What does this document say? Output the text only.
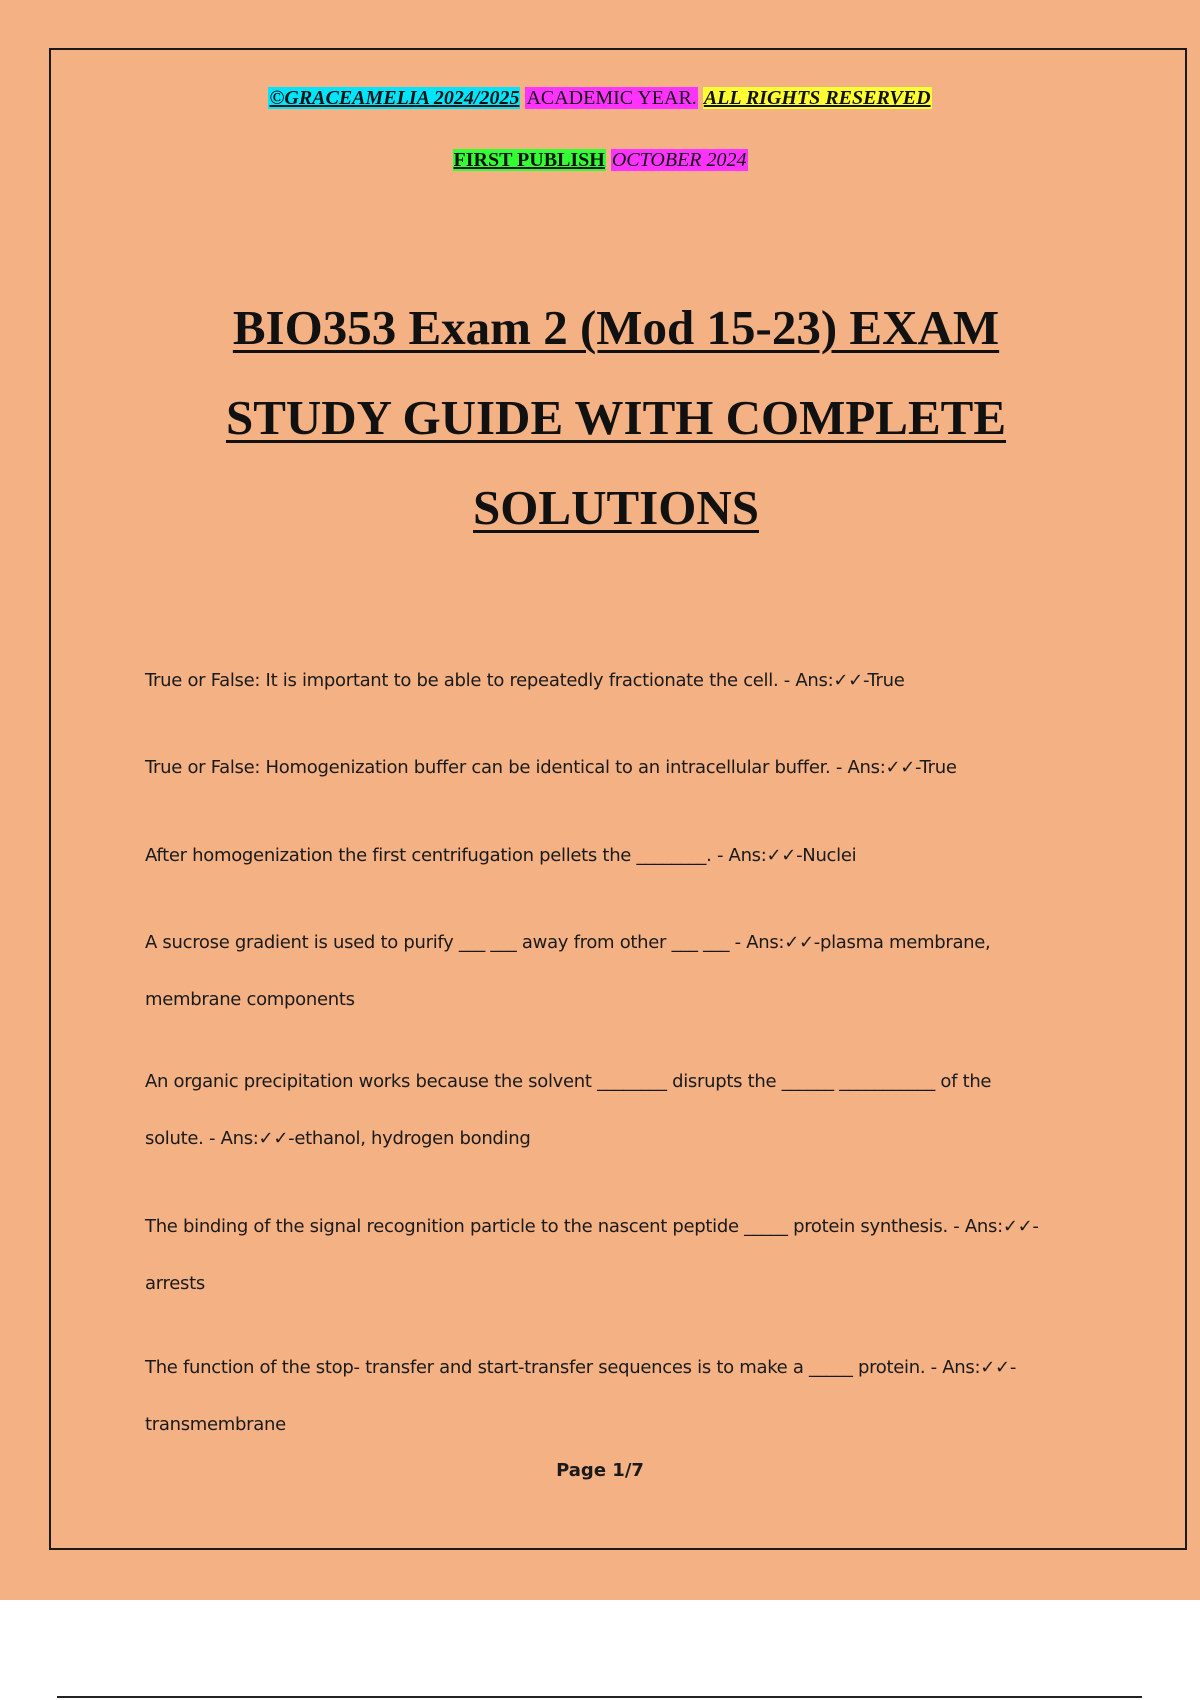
©GRACEAMELIA 2024/2025 ACADEMIC YEAR. ALL RIGHTS RESERVED
FIRST PUBLISH OCTOBER 2024
BIO353 Exam 2 (Mod 15-23) EXAM
STUDY GUIDE WITH COMPLETE
SOLUTIONS
True or False: It is important to be able to repeatedly fractionate the cell. - Ans:✓✓-True
True or False: Homogenization buffer can be identical to an intracellular buffer. - Ans:✓✓-True
After homogenization the first centrifugation pellets the ________. - Ans:✓✓-Nuclei
A sucrose gradient is used to purify ___ ___ away from other ___ ___ - Ans:✓✓-plasma membrane,
membrane components
An organic precipitation works because the solvent ________ disrupts the ______ ___________ of the
solute. - Ans:✓✓-ethanol, hydrogen bonding
The binding of the signal recognition particle to the nascent peptide _____ protein synthesis. - Ans:✓✓-
arrests
The function of the stop- transfer and start-transfer sequences is to make a _____ protein. - Ans:✓✓-
transmembrane
Page 1/7
